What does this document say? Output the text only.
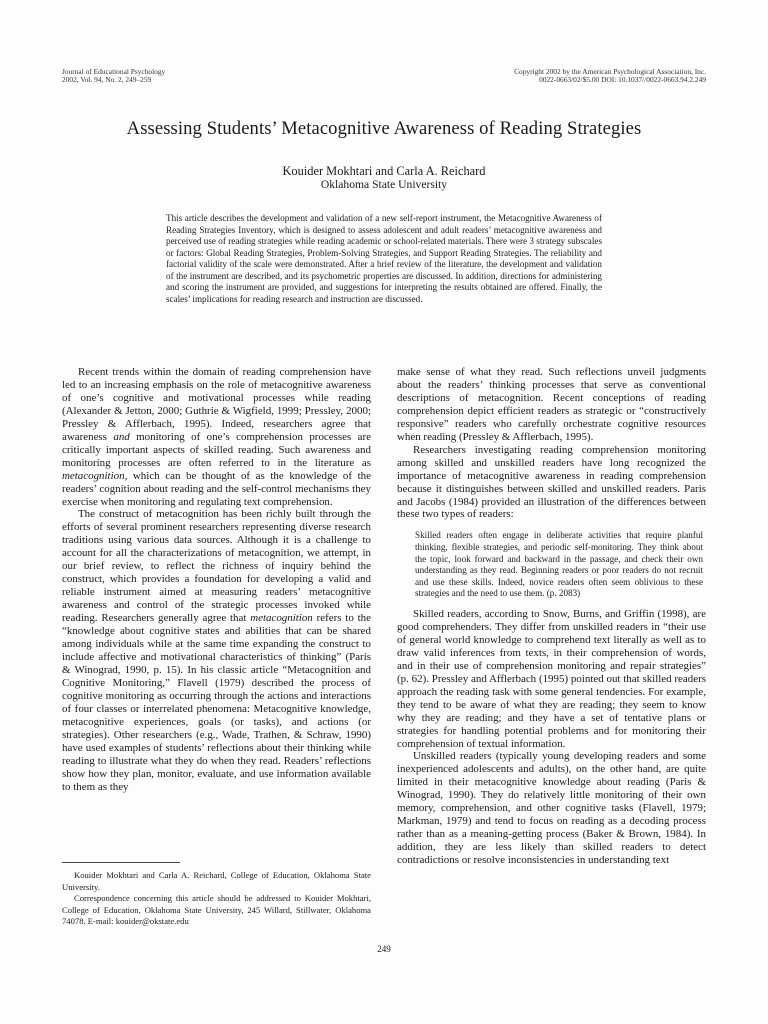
Journal of Educational Psychology
2002, Vol. 94, No. 2, 249–259
Copyright 2002 by the American Psychological Association, Inc.
0022-0663/02/$5.00 DOI: 10.1037//0022-0663.94.2.249
Assessing Students’ Metacognitive Awareness of Reading Strategies
Kouider Mokhtari and Carla A. Reichard
Oklahoma State University
This article describes the development and validation of a new self-report instrument, the Metacognitive Awareness of Reading Strategies Inventory, which is designed to assess adolescent and adult readers’ metacognitive awareness and perceived use of reading strategies while reading academic or school-related materials. There were 3 strategy subscales or factors: Global Reading Strategies, Problem-Solving Strategies, and Support Reading Strategies. The reliability and factorial validity of the scale were demonstrated. After a brief review of the literature, the development and validation of the instrument are described, and its psychometric properties are discussed. In addition, directions for administering and scoring the instrument are provided, and suggestions for interpreting the results obtained are offered. Finally, the scales’ implications for reading research and instruction are discussed.

Recent trends within the domain of reading comprehension have led to an increasing emphasis on the role of metacognitive awareness of one’s cognitive and motivational processes while reading (Alexander & Jetton, 2000; Guthrie & Wigfield, 1999; Pressley, 2000; Pressley & Afflerbach, 1995). Indeed, researchers agree that awareness and monitoring of one’s comprehension processes are critically important aspects of skilled reading. Such awareness and monitoring processes are often referred to in the literature as metacognition, which can be thought of as the knowledge of the readers’ cognition about reading and the self-control mechanisms they exercise when monitoring and regulating text comprehension.

The construct of metacognition has been richly built through the efforts of several prominent researchers representing diverse research traditions using various data sources. Although it is a challenge to account for all the characterizations of metacognition, we attempt, in our brief review, to reflect the richness of inquiry behind the construct, which provides a foundation for developing a valid and reliable instrument aimed at measuring readers’ metacognitive awareness and control of the strategic processes invoked while reading. Researchers generally agree that metacognition refers to the “knowledge about cognitive states and abilities that can be shared among individuals while at the same time expanding the construct to include affective and motivational characteristics of thinking” (Paris & Winograd, 1990, p. 15). In his classic article “Metacognition and Cognitive Monitoring,” Flavell (1979) described the process of cognitive monitoring as occurring through the actions and interactions of four classes or interrelated phenomena: Metacognitive knowledge, metacognitive experiences, goals (or tasks), and actions (or strategies). Other researchers (e.g., Wade, Trathen, & Schraw, 1990) have used examples of students’ reflections about their thinking while reading to illustrate what they do when they read. Readers’ reflections show how they plan, monitor, evaluate, and use information available to them as they

Kouider Mokhtari and Carla A. Reichard, College of Education, Oklahoma State University.

Correspondence concerning this article should be addressed to Kouider Mokhtari, College of Education, Oklahoma State University, 245 Willard, Stillwater, Oklahoma 74078. E-mail: kouider@okstate.edu

make sense of what they read. Such reflections unveil judgments about the readers’ thinking processes that serve as conventional descriptions of metacognition. Recent conceptions of reading comprehension depict efficient readers as strategic or “constructively responsive” readers who carefully orchestrate cognitive resources when reading (Pressley & Afflerbach, 1995).

Researchers investigating reading comprehension monitoring among skilled and unskilled readers have long recognized the importance of metacognitive awareness in reading comprehension because it distinguishes between skilled and unskilled readers. Paris and Jacobs (1984) provided an illustration of the differences between these two types of readers:

Skilled readers often engage in deliberate activities that require planful thinking, flexible strategies, and periodic self-monitoring. They think about the topic, look forward and backward in the passage, and check their own understanding as they read. Beginning readers or poor readers do not recruit and use these skills. Indeed, novice readers often seem oblivious to these strategies and the need to use them. (p. 2083)

Skilled readers, according to Snow, Burns, and Griffin (1998), are good comprehenders. They differ from unskilled readers in “their use of general world knowledge to comprehend text literally as well as to draw valid inferences from texts, in their comprehension of words, and in their use of comprehension monitoring and repair strategies” (p. 62). Pressley and Afflerbach (1995) pointed out that skilled readers approach the reading task with some general tendencies. For example, they tend to be aware of what they are reading; they seem to know why they are reading; and they have a set of tentative plans or strategies for handling potential problems and for monitoring their comprehension of textual information.

Unskilled readers (typically young developing readers and some inexperienced adolescents and adults), on the other hand, are quite limited in their metacognitive knowledge about reading (Paris & Winograd, 1990). They do relatively little monitoring of their own memory, comprehension, and other cognitive tasks (Flavell, 1979; Markman, 1979) and tend to focus on reading as a decoding process rather than as a meaning-getting process (Baker & Brown, 1984). In addition, they are less likely than skilled readers to detect contradictions or resolve inconsistencies in understanding text

249
